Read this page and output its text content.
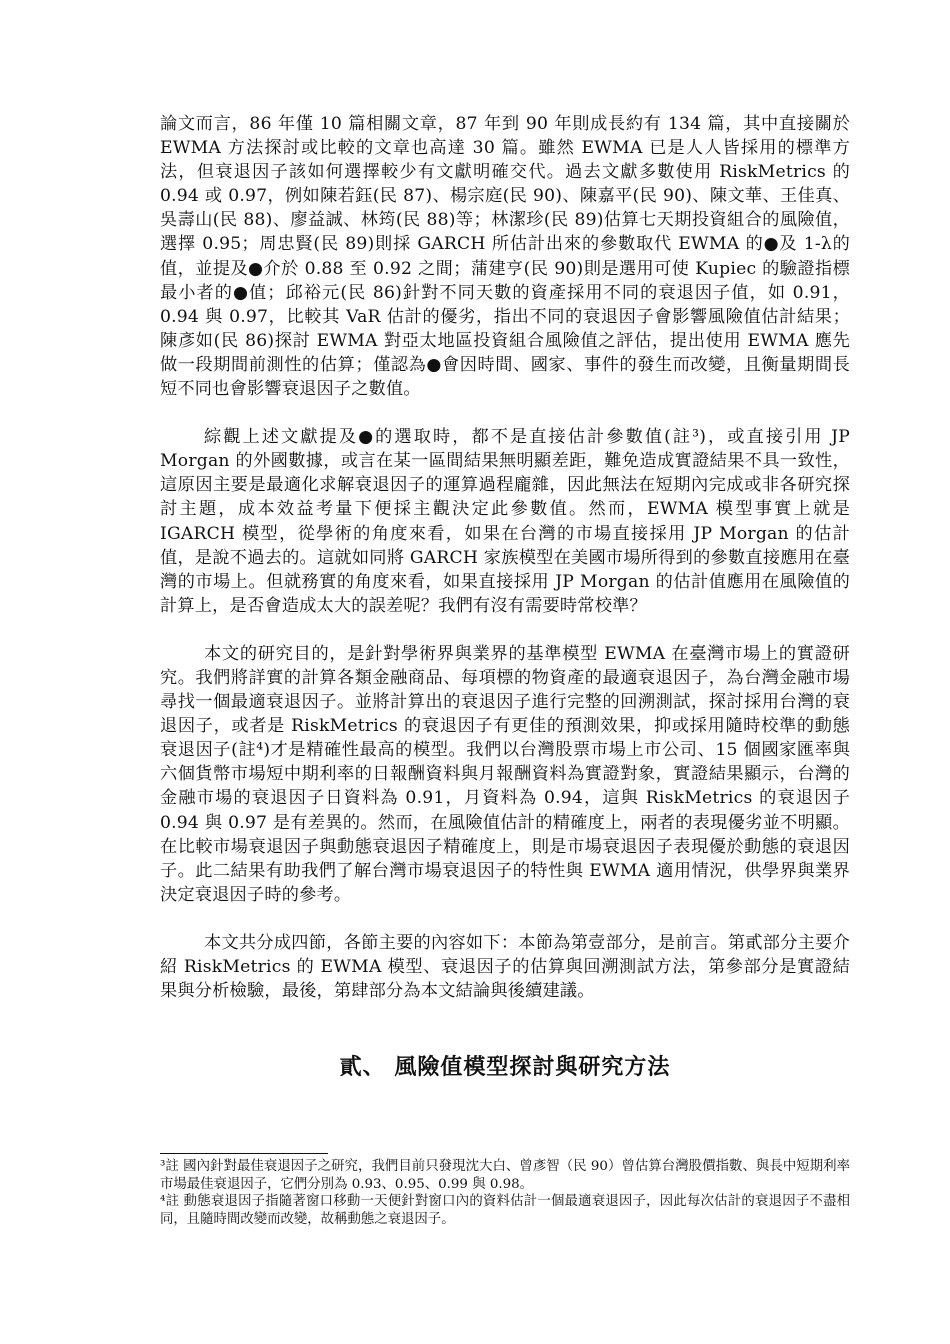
論文而言，86 年僅 10 篇相關文章，87 年到 90 年則成長約有 134 篇，其中直接關於 EWMA 方法探討或比較的文章也高達 30 篇。雖然 EWMA 已是人人皆採用的標準方法，但衰退因子該如何選擇較少有文獻明確交代。過去文獻多數使用 RiskMetrics 的 0.94 或 0.97，例如陳若鈺(民 87)、楊宗庭(民 90)、陳嘉平(民 90)、陳文華、王佳真、吳壽山(民 88)、廖益誠、林筠(民 88)等；林潔珍(民 89)估算七天期投資組合的風險值，選擇 0.95；周忠賢(民 89)則採 GARCH 所估計出來的參數取代 EWMA 的●及 1-λ的值，並提及●介於 0.88 至 0.92 之間；蒲建亨(民 90)則是選用可使 Kupiec 的驗證指標最小者的●值；邱裕元(民 86)針對不同天數的資產採用不同的衰退因子值，如 0.91，0.94 與 0.97，比較其 VaR 估計的優劣，指出不同的衰退因子會影響風險值估計結果；陳彥如(民 86)探討 EWMA 對亞太地區投資組合風險值之評估，提出使用 EWMA 應先做一段期間前測性的估算；僅認為●會因時間、國家、事件的發生而改變，且衡量期間長短不同也會影響衰退因子之數值。

綜觀上述文獻提及●的選取時，都不是直接估計參數值(註³)，或直接引用 JP Morgan 的外國數據，或言在某一區間結果無明顯差距，難免造成實證結果不具一致性，這原因主要是最適化求解衰退因子的運算過程龐雜，因此無法在短期內完成或非各研究探討主題，成本效益考量下便採主觀決定此參數值。然而，EWMA 模型事實上就是 IGARCH 模型，從學術的角度來看，如果在台灣的市場直接採用 JP Morgan 的估計值，是說不過去的。這就如同將 GARCH 家族模型在美國市場所得到的參數直接應用在臺灣的市場上。但就務實的角度來看，如果直接採用 JP Morgan 的估計值應用在風險值的計算上，是否會造成太大的誤差呢？我們有沒有需要時常校準？

本文的研究目的，是針對學術界與業界的基準模型 EWMA 在臺灣市場上的實證研究。我們將詳實的計算各類金融商品、每項標的物資產的最適衰退因子，為台灣金融市場尋找一個最適衰退因子。並將計算出的衰退因子進行完整的回溯測試，探討採用台灣的衰退因子，或者是 RiskMetrics 的衰退因子有更佳的預測效果，抑或採用隨時校準的動態衰退因子(註⁴)才是精確性最高的模型。我們以台灣股票市場上市公司、15 個國家匯率與六個貨幣市場短中期利率的日報酬資料與月報酬資料為實證對象，實證結果顯示，台灣的金融市場的衰退因子日資料為 0.91，月資料為 0.94，這與 RiskMetrics 的衰退因子 0.94 與 0.97 是有差異的。然而，在風險值估計的精確度上，兩者的表現優劣並不明顯。在比較市場衰退因子與動態衰退因子精確度上，則是市場衰退因子表現優於動態的衰退因子。此二結果有助我們了解台灣市場衰退因子的特性與 EWMA 適用情況，供學界與業界決定衰退因子時的參考。

本文共分成四節，各節主要的內容如下：本節為第壹部分，是前言。第貳部分主要介紹 RiskMetrics 的 EWMA 模型、衰退因子的估算與回溯測試方法，第參部分是實證結果與分析檢驗，最後，第肆部分為本文結論與後續建議。

貳、 風險值模型探討與研究方法

³註 國內針對最佳衰退因子之研究，我們目前只發現沈大白、曾彥智（民 90）曾估算台灣股價指數、與長中短期利率市場最佳衰退因子，它們分別為 0.93、0.95、0.99 與 0.98。

⁴註 動態衰退因子指隨著窗口移動一天便針對窗口內的資料估計一個最適衰退因子，因此每次估計的衰退因子不盡相同，且隨時間改變而改變，故稱動態之衰退因子。
